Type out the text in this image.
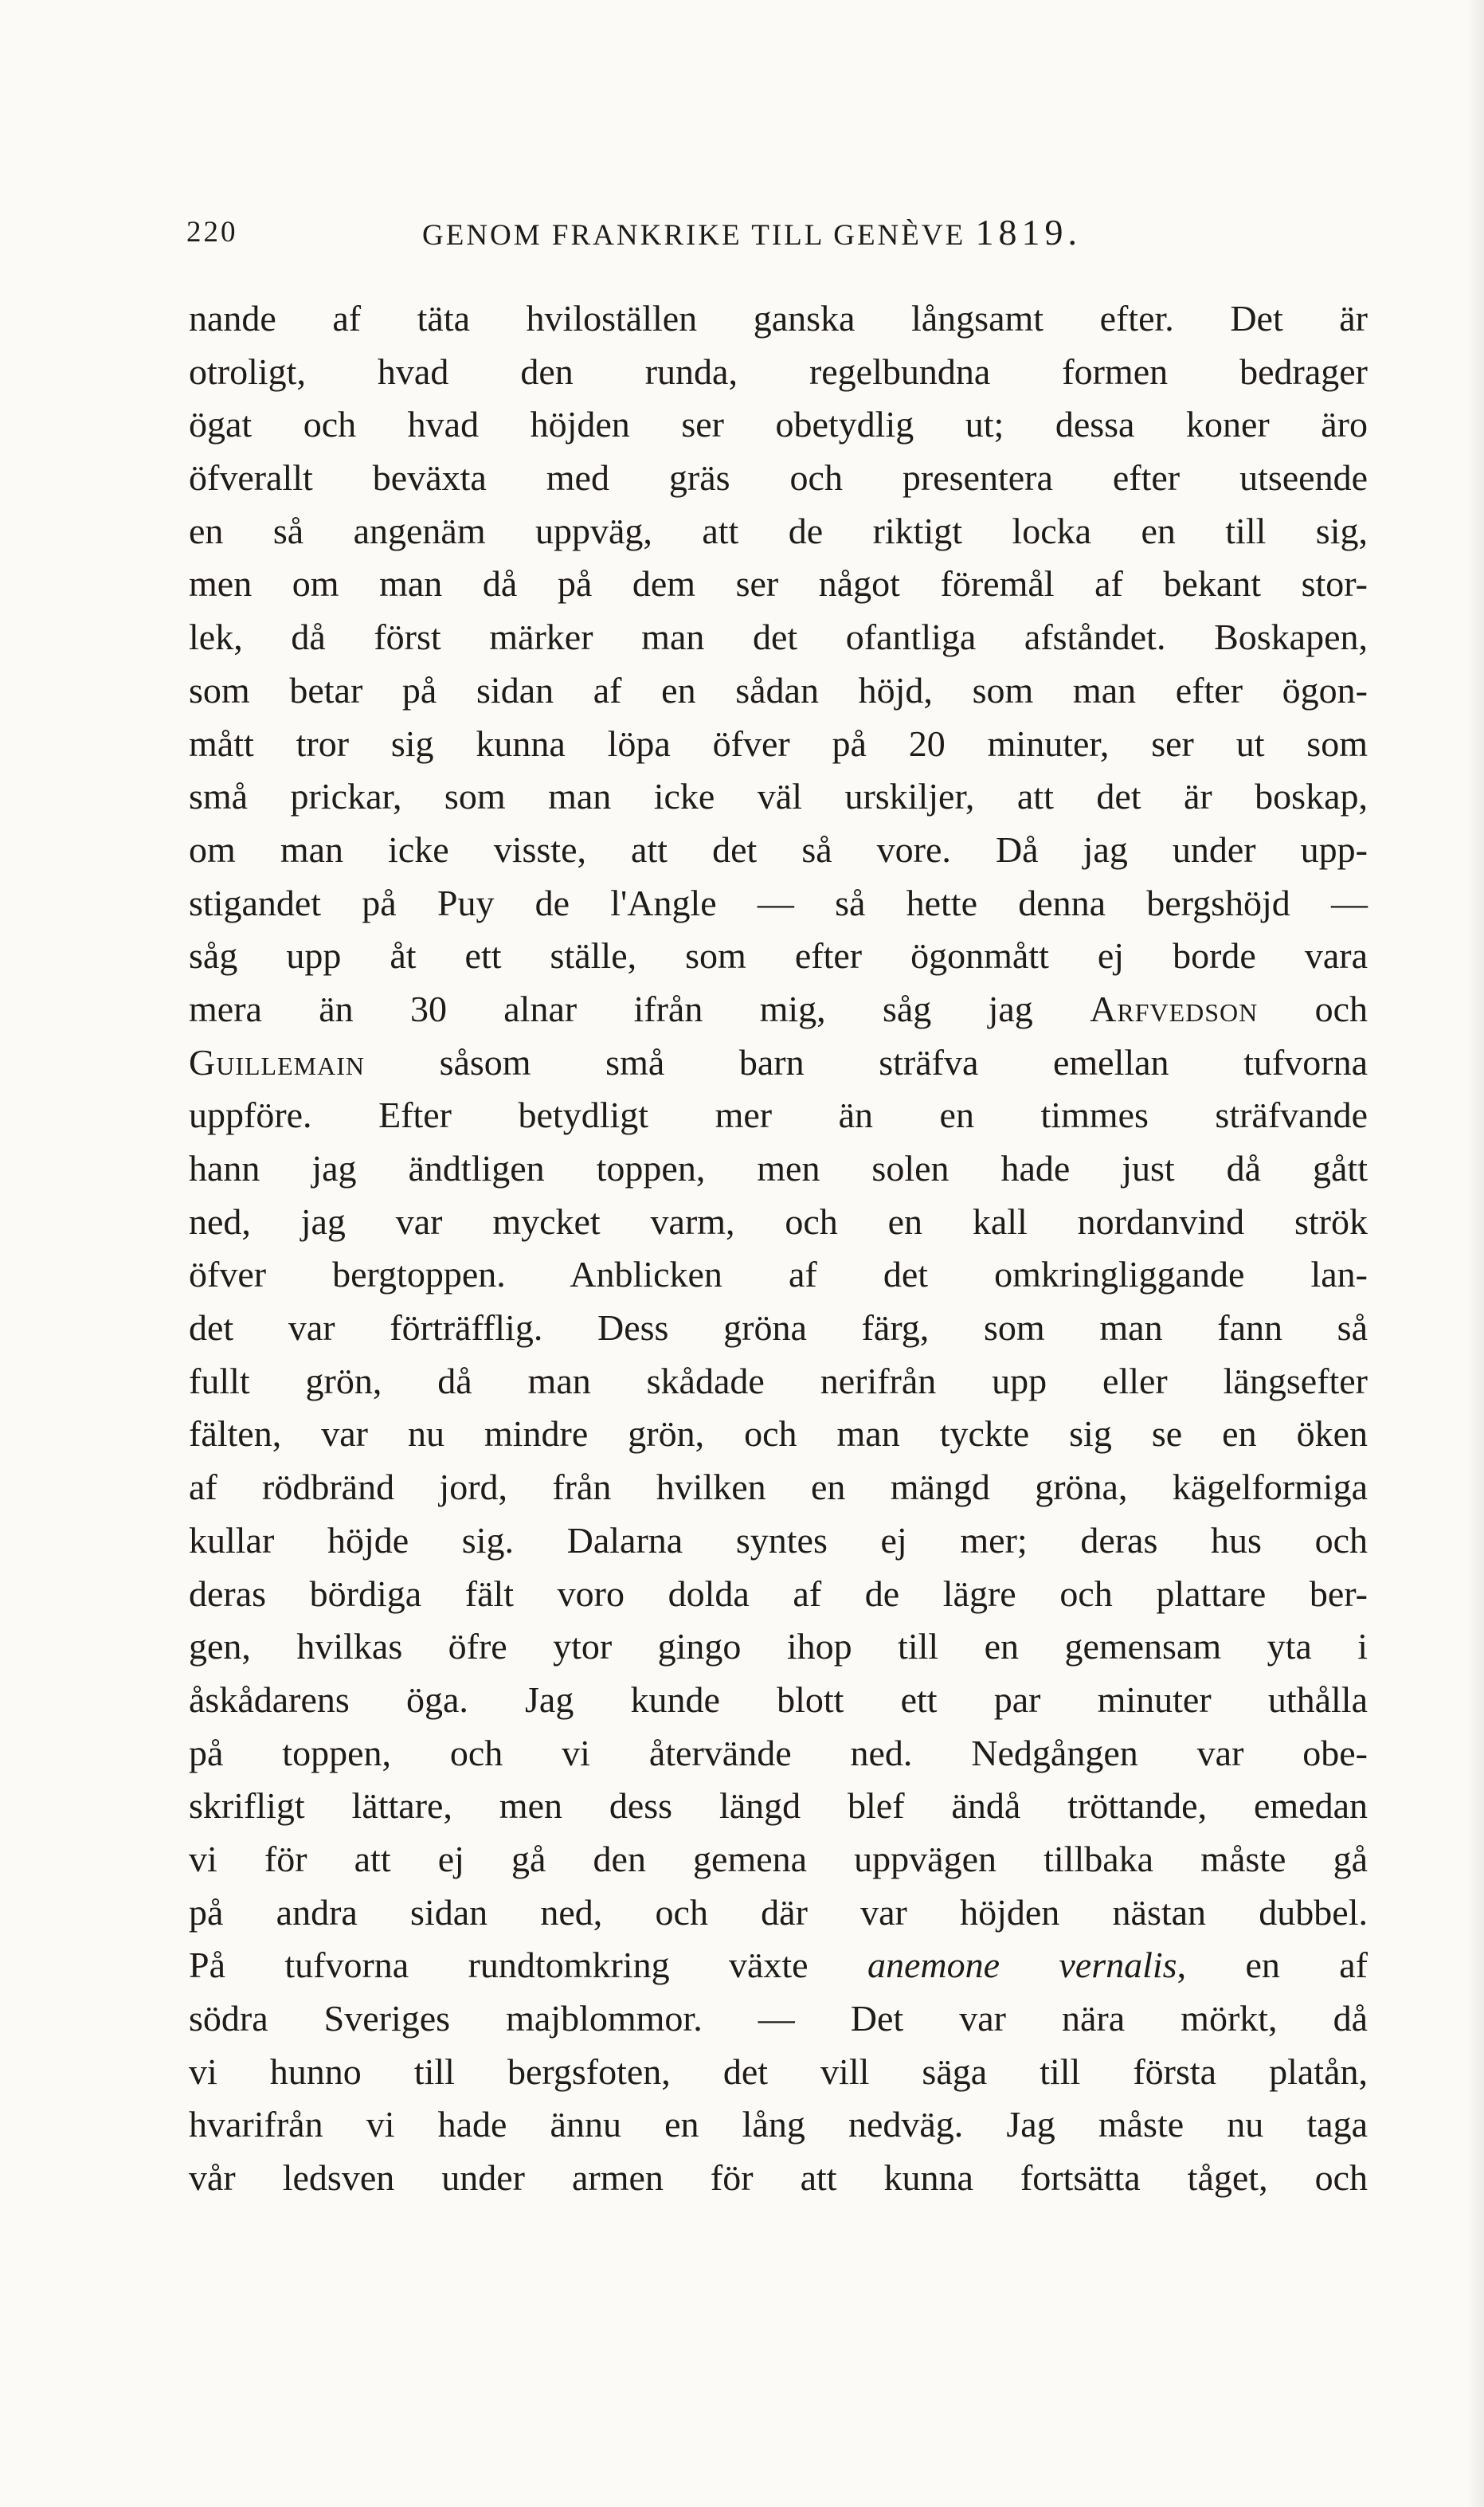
220	GENOM FRANKRIKE TILL GENÈVE 1819.
nande af täta hviloställen ganska långsamt efter. Det är
otroligt, hvad den runda, regelbundna formen bedrager
ögat och hvad höjden ser obetydlig ut; dessa koner äro
öfverallt beväxta med gräs och presentera efter utseende
en så angenäm uppväg, att de riktigt locka en till sig,
men om man då på dem ser något föremål af bekant stor-
lek, då först märker man det ofantliga afståndet. Boskapen,
som betar på sidan af en sådan höjd, som man efter ögon-
mått tror sig kunna löpa öfver på 20 minuter, ser ut som
små prickar, som man icke väl urskiljer, att det är boskap,
om man icke visste, att det så vore. Då jag under upp-
stigandet på Puy de l'Angle — så hette denna bergshöjd —
såg upp åt ett ställe, som efter ögonmått ej borde vara
mera än 30 alnar ifrån mig, såg jag Arfvedson och
Guillemain såsom små barn sträfva emellan tufvorna
uppföre. Efter betydligt mer än en timmes sträfvande
hann jag ändtligen toppen, men solen hade just då gått
ned, jag var mycket varm, och en kall nordanvind strök
öfver bergtoppen. Anblicken af det omkringliggande lan-
det var förträfflig. Dess gröna färg, som man fann så
fullt grön, då man skådade nerifrån upp eller längsefter
fälten, var nu mindre grön, och man tyckte sig se en öken
af rödbränd jord, från hvilken en mängd gröna, kägelformiga
kullar höjde sig. Dalarna syntes ej mer; deras hus och
deras bördiga fält voro dolda af de lägre och plattare ber-
gen, hvilkas öfre ytor gingo ihop till en gemensam yta i
åskådarens öga. Jag kunde blott ett par minuter uthålla
på toppen, och vi återvände ned. Nedgången var obe-
skrifligt lättare, men dess längd blef ändå tröttande, emedan
vi för att ej gå den gemena uppvägen tillbaka måste gå
på andra sidan ned, och där var höjden nästan dubbel.
På tufvorna rundtomkring växte anemone vernalis, en af
södra Sveriges majblommor. — Det var nära mörkt, då
vi hunno till bergsfoten, det vill säga till första platån,
hvarifrån vi hade ännu en lång nedväg. Jag måste nu taga
vår ledsven under armen för att kunna fortsätta tåget, och
